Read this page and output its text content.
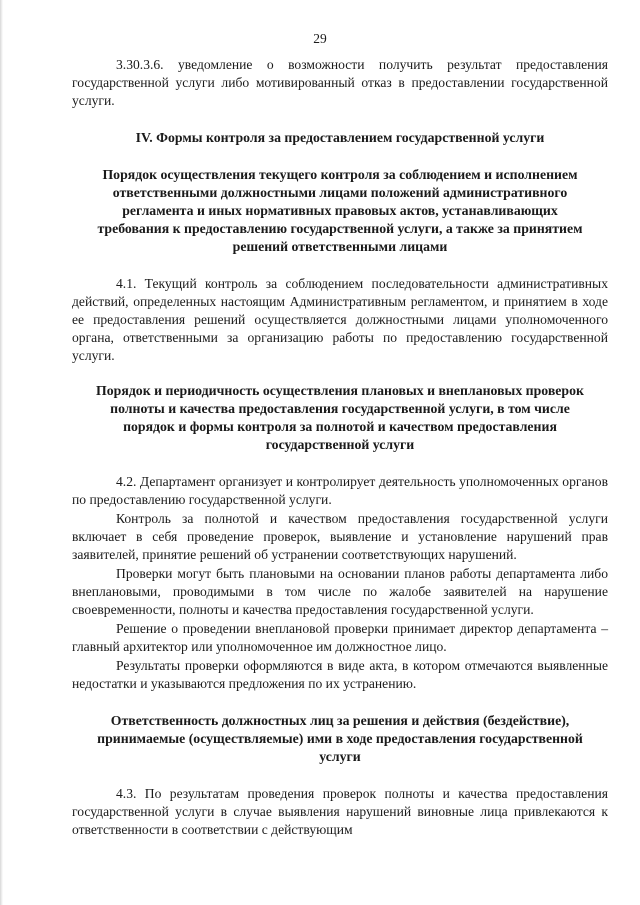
29

3.30.3.6. уведомление о возможности получить результат предоставления государственной услуги либо мотивированный отказ в предоставлении государственной услуги.

IV. Формы контроля за предоставлением государственной услуги

Порядок осуществления текущего контроля за соблюдением и исполнением ответственными должностными лицами положений административного регламента и иных нормативных правовых актов, устанавливающих требования к предоставлению государственной услуги, а также за принятием решений ответственными лицами

4.1. Текущий контроль за соблюдением последовательности административных действий, определенных настоящим Административным регламентом, и принятием в ходе ее предоставления решений осуществляется должностными лицами уполномоченного органа, ответственными за организацию работы по предоставлению государственной услуги.

Порядок и периодичность осуществления плановых и внеплановых проверок полноты и качества предоставления государственной услуги, в том числе порядок и формы контроля за полнотой и качеством предоставления государственной услуги

4.2. Департамент организует и контролирует деятельность уполномоченных органов по предоставлению государственной услуги.

Контроль за полнотой и качеством предоставления государственной услуги включает в себя проведение проверок, выявление и установление нарушений прав заявителей, принятие решений об устранении соответствующих нарушений.

Проверки могут быть плановыми на основании планов работы департамента либо внеплановыми, проводимыми в том числе по жалобе заявителей на нарушение своевременности, полноты и качества предоставления государственной услуги.

Решение о проведении внеплановой проверки принимает директор департамента – главный архитектор или уполномоченное им должностное лицо.

Результаты проверки оформляются в виде акта, в котором отмечаются выявленные недостатки и указываются предложения по их устранению.

Ответственность должностных лиц за решения и действия (бездействие), принимаемые (осуществляемые) ими в ходе предоставления государственной услуги

4.3. По результатам проведения проверок полноты и качества предоставления государственной услуги в случае выявления нарушений виновные лица привлекаются к ответственности в соответствии с действующим
